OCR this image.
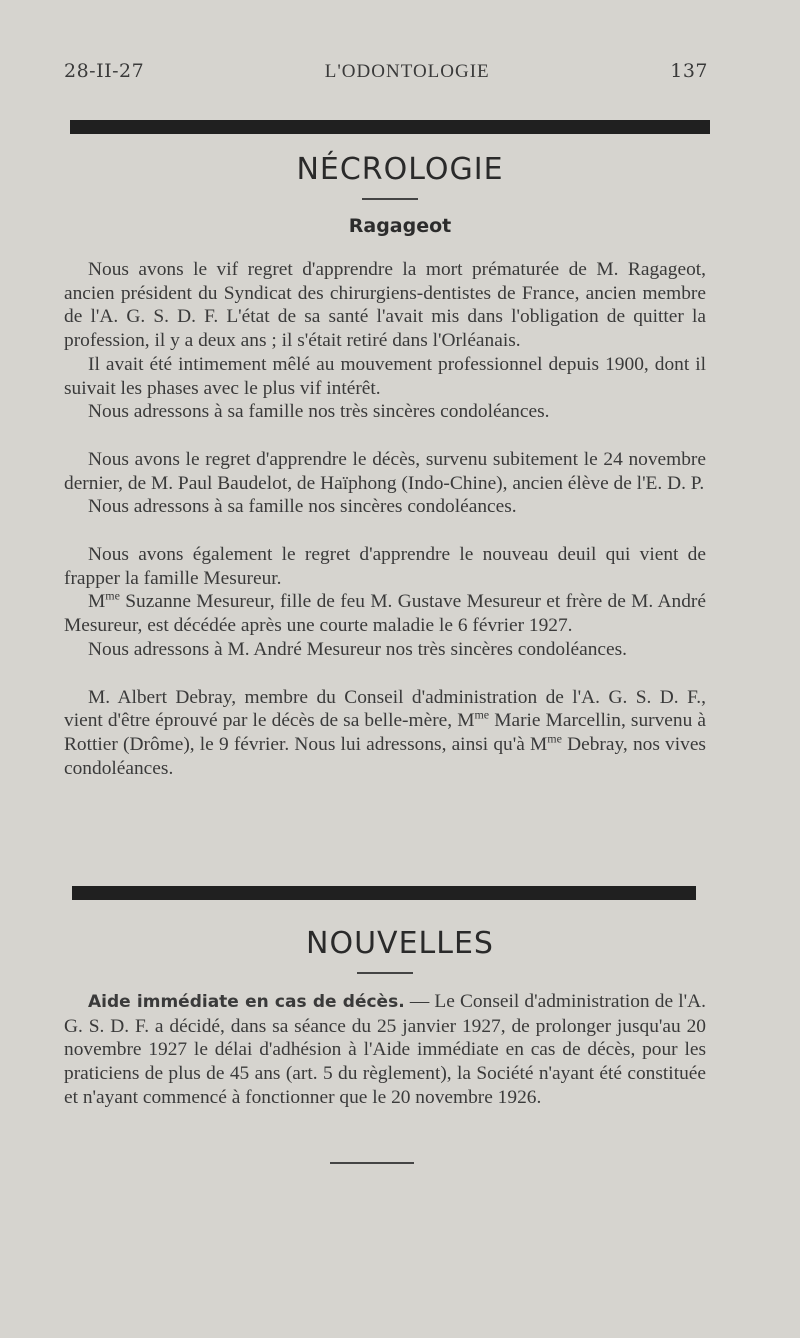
28-II-27	L'ODONTOLOGIE	137
NÉCROLOGIE
Ragageot

Nous avons le vif regret d'apprendre la mort prématurée de M. Ragageot, ancien président du Syndicat des chirurgiens-dentistes de France, ancien membre de l'A. G. S. D. F. L'état de sa santé l'avait mis dans l'obligation de quitter la profession, il y a deux ans ; il s'était retiré dans l'Orléanais.

Il avait été intimement mêlé au mouvement professionnel depuis 1900, dont il suivait les phases avec le plus vif intérêt.

Nous adressons à sa famille nos très sincères condoléances.

Nous avons le regret d'apprendre le décès, survenu subitement le 24 novembre dernier, de M. Paul Baudelot, de Haïphong (Indo-Chine), ancien élève de l'E. D. P.

Nous adressons à sa famille nos sincères condoléances.

Nous avons également le regret d'apprendre le nouveau deuil qui vient de frapper la famille Mesureur.

$M^{me}$ Suzanne Mesureur, fille de feu M. Gustave Mesureur et frère de M. André Mesureur, est décédée après une courte maladie le 6 février 1927.

Nous adressons à M. André Mesureur nos très sincères condoléances.

M. Albert Debray, membre du Conseil d'administration de l'A. G. S. D. F., vient d'être éprouvé par le décès de sa belle-mère, $M^{me}$ Marie Marcellin, survenu à Rottier (Drôme), le 9 février. Nous lui adressons, ainsi qu'à $M^{me}$ Debray, nos vives condoléances.

NOUVELLES

Aide immédiate en cas de décès. — Le Conseil d'administration de l'A. G. S. D. F. a décidé, dans sa séance du 25 janvier 1927, de prolonger jusqu'au 20 novembre 1927 le délai d'adhésion à l'Aide immédiate en cas de décès, pour les praticiens de plus de 45 ans (art. 5 du règlement), la Société n'ayant été constituée et n'ayant commencé à fonctionner que le 20 novembre 1926.
